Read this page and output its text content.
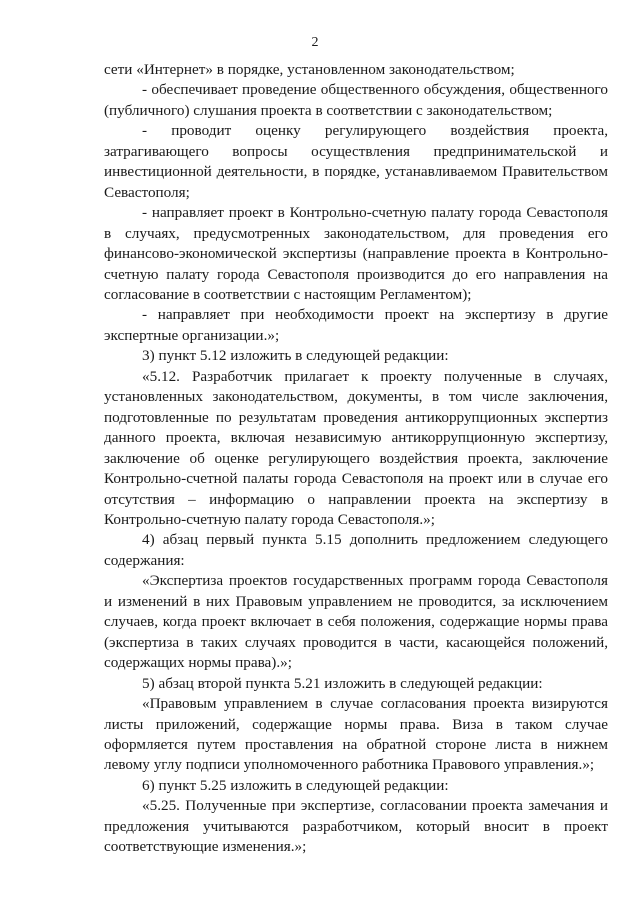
2

сети «Интернет» в порядке, установленном законодательством;

- обеспечивает проведение общественного обсуждения, общественного (публичного) слушания проекта в соответствии с законодательством;

- проводит оценку регулирующего воздействия проекта, затрагивающего вопросы осуществления предпринимательской и инвестиционной деятельности, в порядке, устанавливаемом Правительством Севастополя;

- направляет проект в Контрольно-счетную палату города Севастополя в случаях, предусмотренных законодательством, для проведения его финансово-экономической экспертизы (направление проекта в Контрольно-счетную палату города Севастополя производится до его направления на согласование в соответствии с настоящим Регламентом);

- направляет при необходимости проект на экспертизу в другие экспертные организации.»;

3) пункт 5.12 изложить в следующей редакции:

«5.12. Разработчик прилагает к проекту полученные в случаях, установленных законодательством, документы, в том числе заключения, подготовленные по результатам проведения антикоррупционных экспертиз данного проекта, включая независимую антикоррупционную экспертизу, заключение об оценке регулирующего воздействия проекта, заключение Контрольно-счетной палаты города Севастополя на проект или в случае его отсутствия – информацию о направлении проекта на экспертизу в Контрольно-счетную палату города Севастополя.»;

4) абзац первый пункта 5.15 дополнить предложением следующего содержания:

«Экспертиза проектов государственных программ города Севастополя и изменений в них Правовым управлением не проводится, за исключением случаев, когда проект включает в себя положения, содержащие нормы права (экспертиза в таких случаях проводится в части, касающейся положений, содержащих нормы права).»;

5) абзац второй пункта 5.21 изложить в следующей редакции:

«Правовым управлением в случае согласования проекта визируются листы приложений, содержащие нормы права. Виза в таком случае оформляется путем проставления на обратной стороне листа в нижнем левому углу подписи уполномоченного работника Правового управления.»;

6) пункт 5.25 изложить в следующей редакции:

«5.25. Полученные при экспертизе, согласовании проекта замечания и предложения учитываются разработчиком, который вносит в проект соответствующие изменения.»;
